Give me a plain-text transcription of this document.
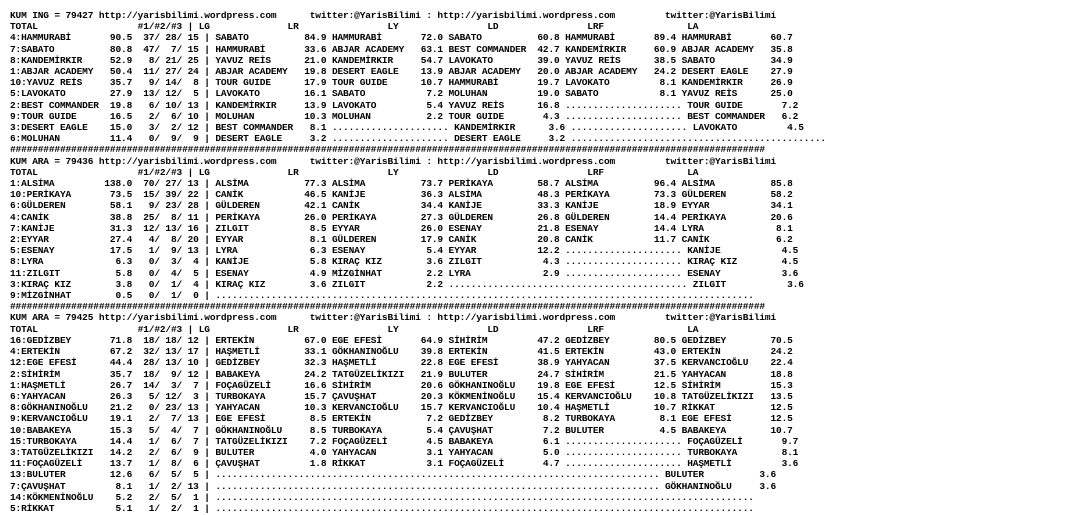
KUM ING = 79427 http://yarisbilimi.wordpress.com      twitter:@YarisBilimi : http://yarisbilimi.wordpress.com         twitter:@YarisBilimi
TOTAL                  #1/#2/#3 | LG              LR                LY                LD                LRF               LA
4:HAMMURABİ       90.5  37/ 28/ 15 | SABATO          84.9 HAMMURABİ       72.0 SABATO          60.8 HAMMURABİ       89.4 HAMMURABİ       60.7
7:SABATO          80.8  47/  7/ 15 | HAMMURABİ       33.6 ABJAR ACADEMY   63.1 BEST COMMANDER  42.7 KANDEMİRKIR     60.9 ABJAR ACADEMY   35.8
8:KANDEMİRKIR     52.9   8/ 21/ 25 | YAVUZ REİS      21.0 KANDEMİRKIR     54.7 LAVOKATO        39.0 YAVUZ REİS      38.5 SABATO          34.9
1:ABJAR ACADEMY   50.4  11/ 27/ 24 | ABJAR ACADEMY   19.8 DESERT EAGLE    13.9 ABJAR ACADEMY   20.0 ABJAR ACADEMY   24.2 DESERT EAGLE    27.9
10:YAVUZ REİS     35.7   9/ 14/  8 | TOUR GUIDE      17.9 TOUR GUIDE      10.7 HAMMURABİ       19.7 LAVOKATO         8.1 KANDEMİRKIR     26.9
5:LAVOKATO        27.9  13/ 12/  5 | LAVOKATO        16.1 SABATO           7.2 MOLUHAN         19.0 SABATO           8.1 YAVUZ REİS      25.0
2:BEST COMMANDER  19.8   6/ 10/ 13 | KANDEMİRKIR     13.9 LAVOKATO         5.4 YAVUZ REİS      16.8 ..................... TOUR GUIDE       7.2
9:TOUR GUIDE      16.5   2/  6/ 10 | MOLUHAN         10.3 MOLUHAN          2.2 TOUR GUIDE       4.3 ..................... BEST COMMANDER   6.2
3:DESERT EAGLE    15.0   3/  2/ 12 | BEST COMMANDER   8.1 ..................... KANDEMİRKIR      3.6 ..................... LAVOKATO         4.5
6:MOLUHAN         11.4   0/  9/  9 | DESERT EAGLE     3.2 ..................... DESERT EAGLE     3.2 ..............................................
########################################################################################################################################
KUM ARA = 79436 http://yarisbilimi.wordpress.com      twitter:@YarisBilimi : http://yarisbilimi.wordpress.com         twitter:@YarisBilimi
TOTAL                  #1/#2/#3 | LG              LR                LY                LD                LRF               LA
1:ALSİMA         138.0  70/ 27/ 13 | ALSİMA          77.3 ALSİMA          73.7 PERİKAYA        58.7 ALSİMA          96.4 ALSİMA          85.8
10:PERİKAYA       73.5  15/ 39/ 22 | CANİK           46.5 KANİJE          36.3 ALSİMA          48.3 PERİKAYA        73.3 GÜLDEREN        58.2
6:GÜLDEREN        58.1   9/ 23/ 28 | GÜLDEREN        42.1 CANİK           34.4 KANİJE          33.3 KANİJE          18.9 EYYAR           34.1
4:CANİK           38.8  25/  8/ 11 | PERİKAYA        26.0 PERİKAYA        27.3 GÜLDEREN        26.8 GÜLDEREN        14.4 PERİKAYA        20.6
7:KANİJE          31.3  12/ 13/ 16 | ZILGIT           8.5 EYYAR           26.0 ESENAY          21.8 ESENAY          14.4 LYRA             8.1
2:EYYAR           27.4   4/  8/ 20 | EYYAR            8.1 GÜLDEREN        17.9 CANİK           20.8 CANİK           11.7 CANİK            6.2
5:ESENAY          17.5   1/  9/ 13 | LYRA             6.3 ESENAY           5.4 EYYAR           12.2 ..................... KANİJE           4.5
8:LYRA             6.3   0/  3/  4 | KANİJE           5.8 KIRAÇ KIZ        3.6 ZILGIT           4.3 ..................... KIRAÇ KIZ        4.5
11:ZILGIT          5.8   0/  4/  5 | ESENAY           4.9 MİZGİNHAT        2.2 LYRA             2.9 ..................... ESENAY           3.6
3:KIRAÇ KIZ        3.8   0/  1/  4 | KIRAÇ KIZ        3.6 ZILGIT           2.2 ........................................... ZILGIT           3.6
9:MİZGİNHAT        0.5   0/  1/  0 | .................................................................................................
########################################################################################################################################
KUM ARA = 79425 http://yarisbilimi.wordpress.com      twitter:@YarisBilimi : http://yarisbilimi.wordpress.com         twitter:@YarisBilimi
TOTAL                  #1/#2/#3 | LG              LR                LY                LD                LRF               LA
16:GEDİZBEY       71.8  18/ 18/ 12 | ERTEKİN         67.0 EGE EFESİ       64.9 SİHİRİM         47.2 GEDİZBEY        80.5 GEDİZBEY        70.5
4:ERTEKİN         67.2  32/ 13/ 17 | HAŞMETLİ        33.1 GÖKHANINOĞLU    39.8 ERTEKİN         41.5 ERTEKİN         43.0 ERTEKİN         24.2
12:EGE EFESİ      44.4  28/ 13/ 10 | GEDİZBEY        32.3 HAŞMETLİ        22.8 EGE EFESİ       38.9 YAHYACAN        37.5 KERVANCIOĞLU    22.4
2:SİHİRİM         35.7  18/  9/ 12 | BABAKEYA        24.2 TATGÜZELİKIZI   21.9 BULUTER         24.7 SİHİRİM         21.5 YAHYACAN        18.8
1:HAŞMETLİ        26.7  14/  3/  7 | FOÇAGÜZELİ      16.6 SİHİRİM         20.6 GÖKHANINOĞLU    19.8 EGE EFESİ       12.5 SİHİRİM         15.3
6:YAHYACAN        26.3   5/ 12/  3 | TURBOKAYA       15.7 ÇAVUŞHAT        20.3 KÖKMENİNOĞLU    15.4 KERVANCIOĞLU    10.8 TATGÜZELİKIZI   13.5
8:GÖKHANINOĞLU    21.2   0/ 23/ 13 | YAHYACAN        10.3 KERVANCIOĞLU    15.7 KERVANCIOĞLU    10.4 HAŞMETLİ        10.7 RİKKAT          12.5
9:KERVANCIOĞLU    19.1   2/  7/ 13 | EGE EFESİ        8.5 ERTEKİN          7.2 GEDİZBEY         8.2 TURBOKAYA        8.1 EGE EFESİ       12.5
10:BABAKEYA       15.3   5/  4/  7 | GÖKHANINOĞLU     8.5 TURBOKAYA        5.4 ÇAVUŞHAT         7.2 BULUTER          4.5 BABAKEYA        10.7
15:TURBOKAYA      14.4   1/  6/  7 | TATGÜZELİKIZI    7.2 FOÇAGÜZELİ       4.5 BABAKEYA         6.1 ..................... FOÇAGÜZELİ       9.7
3:TATGÜZELİKIZI   14.2   2/  6/  9 | BULUTER          4.0 YAHYACAN         3.1 YAHYACAN         5.0 ..................... TURBOKAYA        8.1
11:FOÇAGÜZELİ     13.7   1/  8/  6 | ÇAVUŞHAT         1.8 RİKKAT           3.1 FOÇAGÜZELİ       4.7 ..................... HAŞMETLİ         3.6
13:BULUTER        12.6   6/  5/  5 | ................................................................................ BULUTER          3.6
7:ÇAVUŞHAT         8.1   1/  2/ 13 | ................................................................................ GÖKHANINOĞLU     3.6
14:KÖKMENİNOĞLU    5.2   2/  5/  1 | .................................................................................................
5:RİKKAT           5.1   1/  2/  1 | .................................................................................................
